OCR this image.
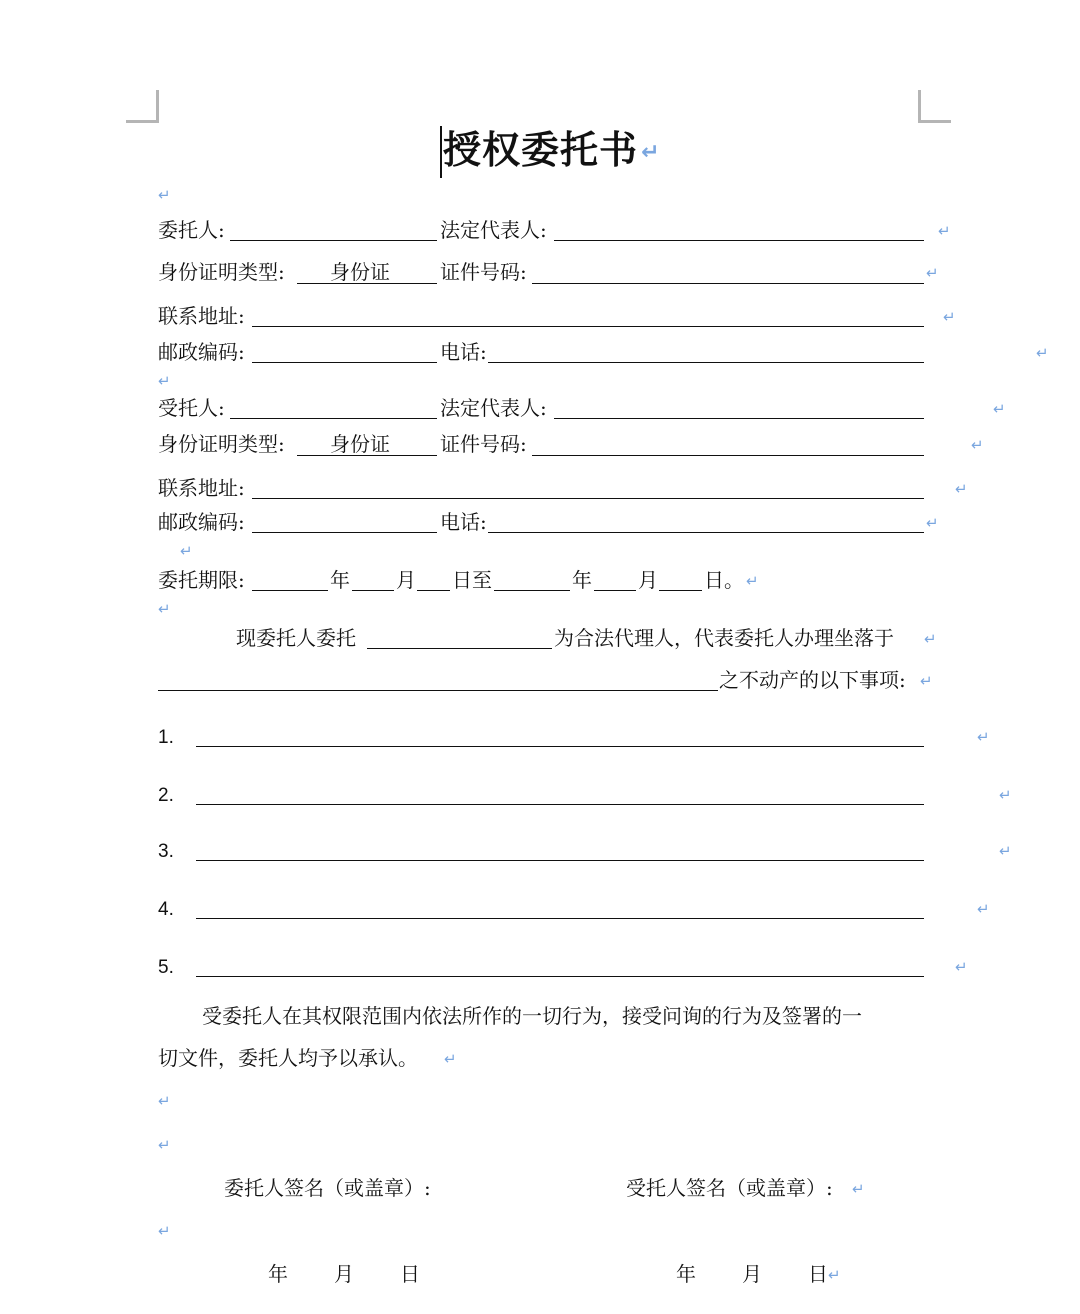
授权委托书 ↵
↵
委托人:	法定代表人:	↵
身份证明类型: 身份证	证件号码:	↵
联系地址:	↵
邮政编码:	电话:	↵
↵
受托人:	法定代表人:	↵
身份证明类型: 身份证	证件号码:	↵
联系地址:	↵
邮政编码:	电话:	↵
↵
委托期限:	年 月 日至	年 月 日。 ↵
↵
现委托人委托	为合法代理人，代表委托人办理坐落于 ↵
之不动产的以下事项: ↵
1.	↵
2.	↵
3.	↵
4.	↵
5.	↵
受委托人在其权限范围内依法所作的一切行为，接受问询的行为及签署的一
切文件，委托人均予以承认。 ↵
↵
↵
委托人签名（或盖章）:	受托人签名（或盖章）: ↵
↵
年 月 日	年 月 日 ↵
